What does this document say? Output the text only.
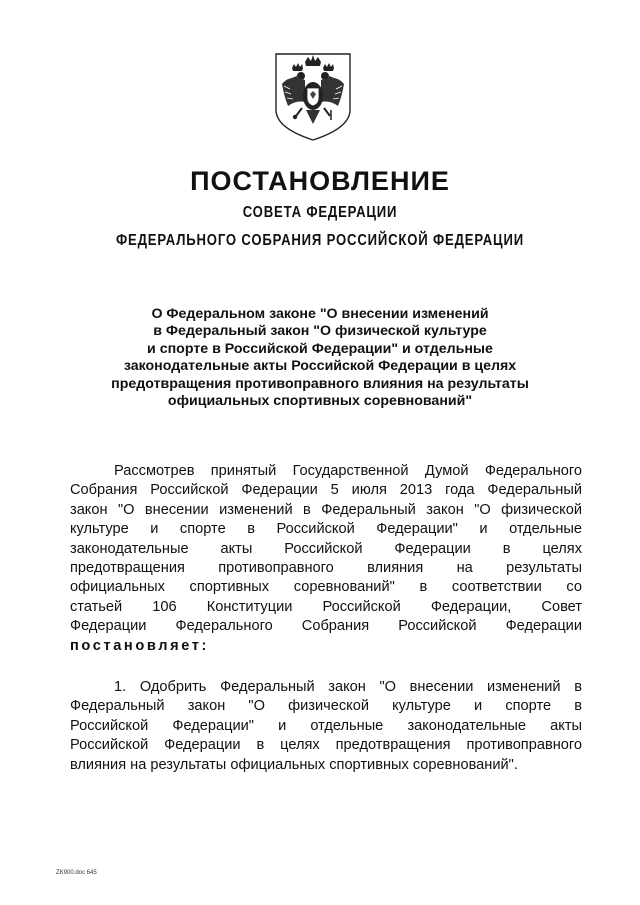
ПОСТАНОВЛЕНИЕ
СОВЕТА ФЕДЕРАЦИИ
ФЕДЕРАЛЬНОГО СОБРАНИЯ РОССИЙСКОЙ ФЕДЕРАЦИИ
О Федеральном законе "О внесении изменений
в Федеральный закон "О физической культуре
и спорте в Российской Федерации" и отдельные
законодательные акты Российской Федерации в целях
предотвращения противоправного влияния на результаты
официальных спортивных соревнований"
Рассмотрев принятый Государственной Думой Федерального
Собрания Российской Федерации 5 июля 2013 года Федеральный
закон "О внесении изменений в Федеральный закон "О физической
культуре и спорте в Российской Федерации" и отдельные
законодательные акты Российской Федерации в целях
предотвращения противоправного влияния на результаты
официальных спортивных соревнований" в соответствии со
статьей 106 Конституции Российской Федерации, Совет
Федерации Федерального Собрания Российской Федерации
постановляет:
1. Одобрить Федеральный закон "О внесении изменений в
Федеральный закон "О физической культуре и спорте в
Российской Федерации" и отдельные законодательные акты
Российской Федерации в целях предотвращения противоправного
влияния на результаты официальных спортивных соревнований".
ZK900.doc 645
